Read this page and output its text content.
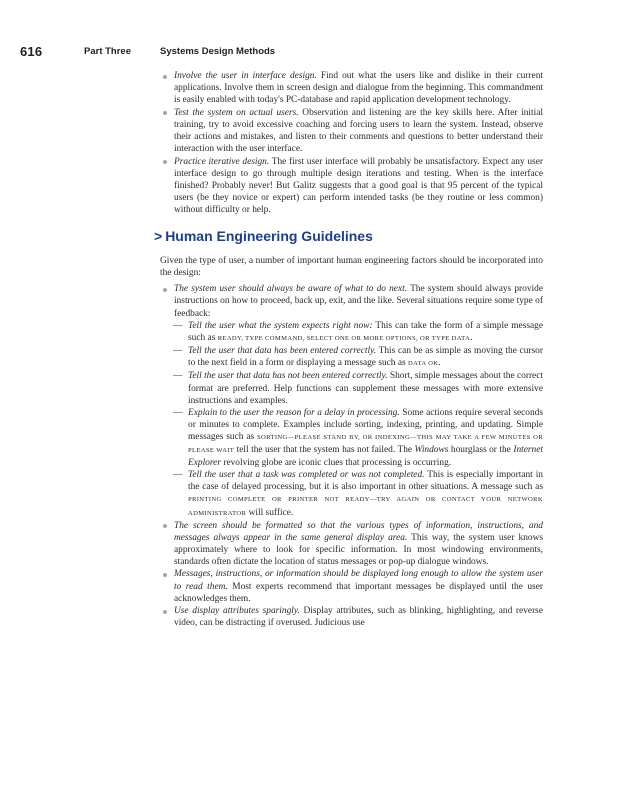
616	Part Three	Systems Design Methods
Involve the user in interface design. Find out what the users like and dislike in their current applications. Involve them in screen design and dialogue from the beginning. This commandment is easily enabled with today's PC-database and rapid application development technology.
Test the system on actual users. Observation and listening are the key skills here. After initial training, try to avoid excessive coaching and forcing users to learn the system. Instead, observe their actions and mistakes, and listen to their comments and questions to better understand their interaction with the user interface.
Practice iterative design. The first user interface will probably be unsatisfactory. Expect any user interface design to go through multiple design iterations and testing. When is the interface finished? Probably never! But Galitz suggests that a good goal is that 95 percent of the typical users (be they novice or expert) can perform intended tasks (be they routine or less common) without difficulty or help.
> Human Engineering Guidelines

Given the type of user, a number of important human engineering factors should be incorporated into the design:

The system user should always be aware of what to do next. The system should always provide instructions on how to proceed, back up, exit, and the like. Several situations require some type of feedback:
— Tell the user what the system expects right now: This can take the form of a simple message such as READY, TYPE COMMAND, SELECT ONE OR MORE OPTIONS, OR TYPE DATA.
— Tell the user that data has been entered correctly. This can be as simple as moving the cursor to the next field in a form or displaying a message such as DATA OK.
— Tell the user that data has not been entered correctly. Short, simple messages about the correct format are preferred. Help functions can supplement these messages with more extensive instructions and examples.
— Explain to the user the reason for a delay in processing. Some actions require several seconds or minutes to complete. Examples include sorting, indexing, printing, and updating. Simple messages such as SORTING—PLEASE STAND BY, OR INDEXING—THIS MAY TAKE A FEW MINUTES OR PLEASE WAIT tell the user that the system has not failed. The Windows hourglass or the Internet Explorer revolving globe are iconic clues that processing is occurring.
— Tell the user that a task was completed or was not completed. This is especially important in the case of delayed processing, but it is also important in other situations. A message such as PRINTING COMPLETE OR PRINTER NOT READY—TRY AGAIN OR CONTACT YOUR NETWORK ADMINISTRATOR will suffice.
The screen should be formatted so that the various types of information, instructions, and messages always appear in the same general display area. This way, the system user knows approximately where to look for specific information. In most windowing environments, standards often dictate the location of status messages or pop-up dialogue windows.
Messages, instructions, or information should be displayed long enough to allow the system user to read them. Most experts recommend that important messages be displayed until the user acknowledges them.
Use display attributes sparingly. Display attributes, such as blinking, highlighting, and reverse video, can be distracting if overused. Judicious use
